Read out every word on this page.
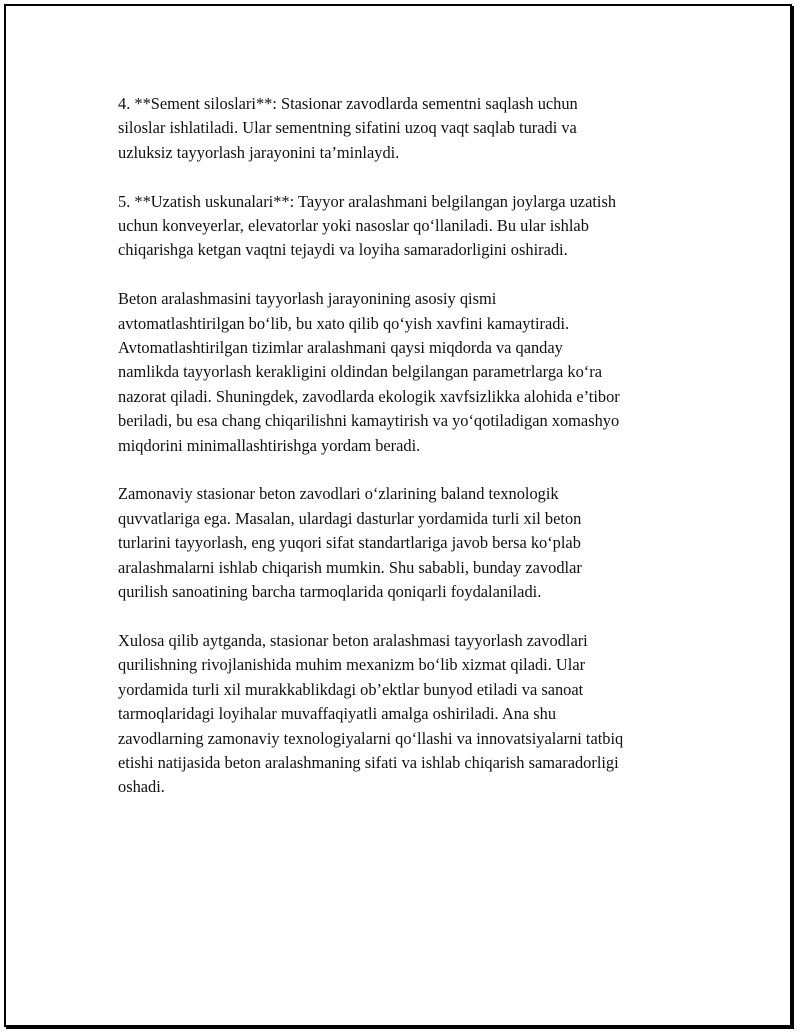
4. **Sement siloslari**: Stasionar zavodlarda sementni saqlash uchun
siloslar ishlatiladi. Ular sementning sifatini uzoq vaqt saqlab turadi va
uzluksiz tayyorlash jarayonini ta’minlaydi.

5. **Uzatish uskunalari**: Tayyor aralashmani belgilangan joylarga uzatish
uchun konveyerlar, elevatorlar yoki nasoslar qo‘llaniladi. Bu ular ishlab
chiqarishga ketgan vaqtni tejaydi va loyiha samaradorligini oshiradi.

Beton aralashmasini tayyorlash jarayonining asosiy qismi
avtomatlashtirilgan bo‘lib, bu xato qilib qo‘yish xavfini kamaytiradi.
Avtomatlashtirilgan tizimlar aralashmani qaysi miqdorda va qanday
namlikda tayyorlash kerakligini oldindan belgilangan parametrlarga ko‘ra
nazorat qiladi. Shuningdek, zavodlarda ekologik xavfsizlikka alohida e’tibor
beriladi, bu esa chang chiqarilishni kamaytirish va yo‘qotiladigan xomashyo
miqdorini minimallashtirishga yordam beradi.

Zamonaviy stasionar beton zavodlari o‘zlarining baland texnologik
quvvatlariga ega. Masalan, ulardagi dasturlar yordamida turli xil beton
turlarini tayyorlash, eng yuqori sifat standartlariga javob bersa ko‘plab
aralashmalarni ishlab chiqarish mumkin. Shu sababli, bunday zavodlar
qurilish sanoatining barcha tarmoqlarida qoniqarli foydalaniladi.

Xulosa qilib aytganda, stasionar beton aralashmasi tayyorlash zavodlari
qurilishning rivojlanishida muhim mexanizm bo‘lib xizmat qiladi. Ular
yordamida turli xil murakkablikdagi ob’ektlar bunyod etiladi va sanoat
tarmoqlaridagi loyihalar muvaffaqiyatli amalga oshiriladi. Ana shu
zavodlarning zamonaviy texnologiyalarni qo‘llashi va innovatsiyalarni tatbiq
etishi natijasida beton aralashmaning sifati va ishlab chiqarish samaradorligi
oshadi.
